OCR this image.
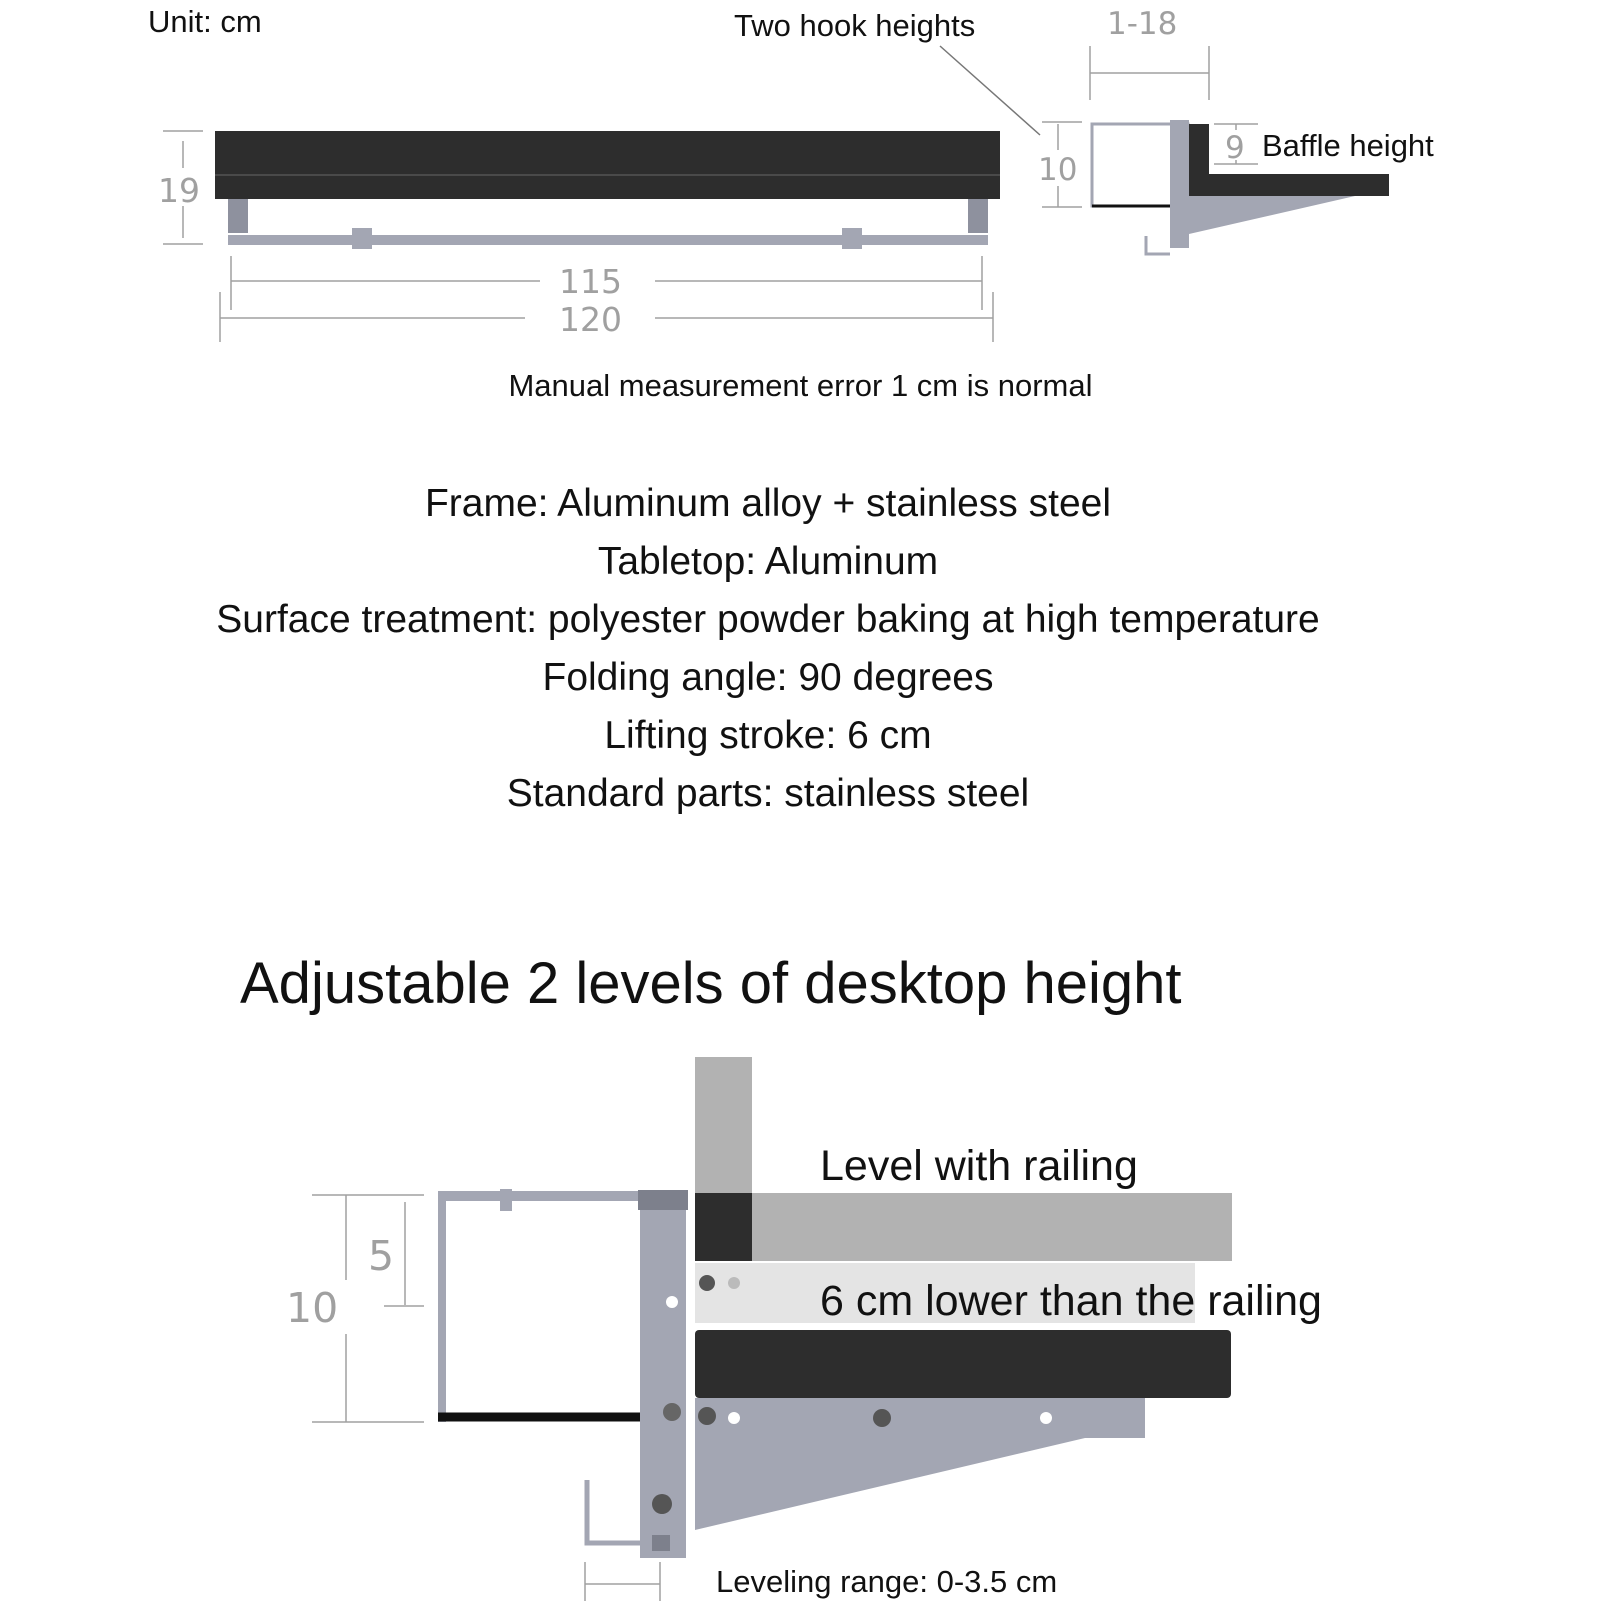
Unit: cm	Two hook heights
19
115
120
1-18
10
9
10
5
Baffle height
Manual measurement error 1 cm is normal
Frame: Aluminum alloy + stainless steel
Tabletop: Aluminum
Surface treatment: polyester powder baking at high temperature
Folding angle: 90 degrees
Lifting stroke: 6 cm
Standard parts: stainless steel
Adjustable 2 levels of desktop height
Level with railing
6 cm lower than the railing
Leveling range: 0-3.5 cm
